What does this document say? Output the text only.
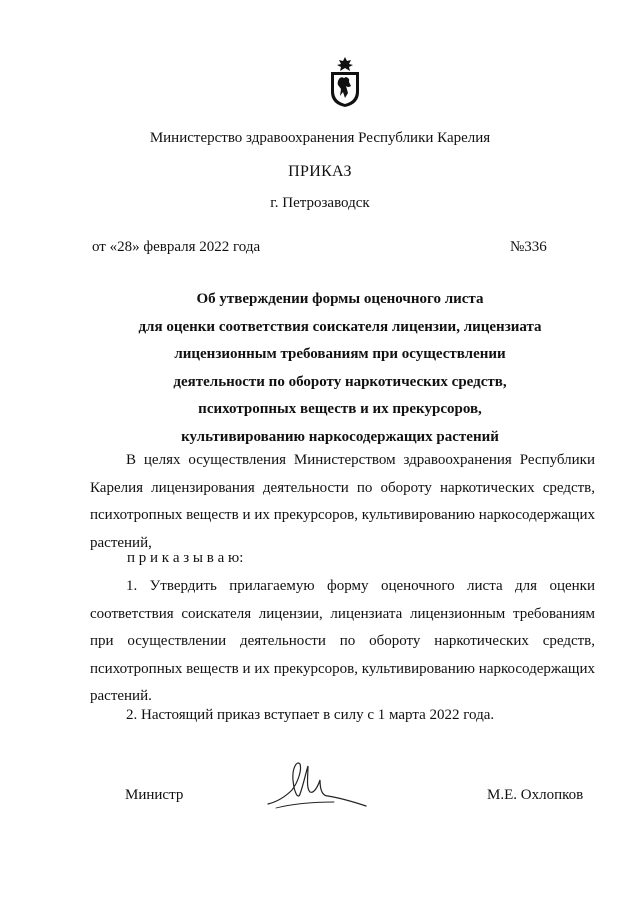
Министерство здравоохранения Республики Карелия
ПРИКАЗ
г. Петрозаводск
от «28» февраля 2022 года	№336
Об утверждении формы оценочного листа
для оценки соответствия соискателя лицензии, лицензиата
лицензионным требованиям при осуществлении
деятельности по обороту наркотических средств,
психотропных веществ и их прекурсоров,
культивированию наркосодержащих растений
В целях осуществления Министерством здравоохранения Республики Карелия лицензирования деятельности по обороту наркотических средств, психотропных веществ и их прекурсоров, культивированию наркосодержащих растений,
п р и к а з ы в а ю:
1. Утвердить прилагаемую форму оценочного листа для оценки соответствия соискателя лицензии, лицензиата лицензионным требованиям при осуществлении деятельности по обороту наркотических средств, психотропных веществ и их прекурсоров, культивированию наркосодержащих растений.
2. Настоящий приказ вступает в силу с 1 марта 2022 года.
Министр	М.Е. Охлопков
